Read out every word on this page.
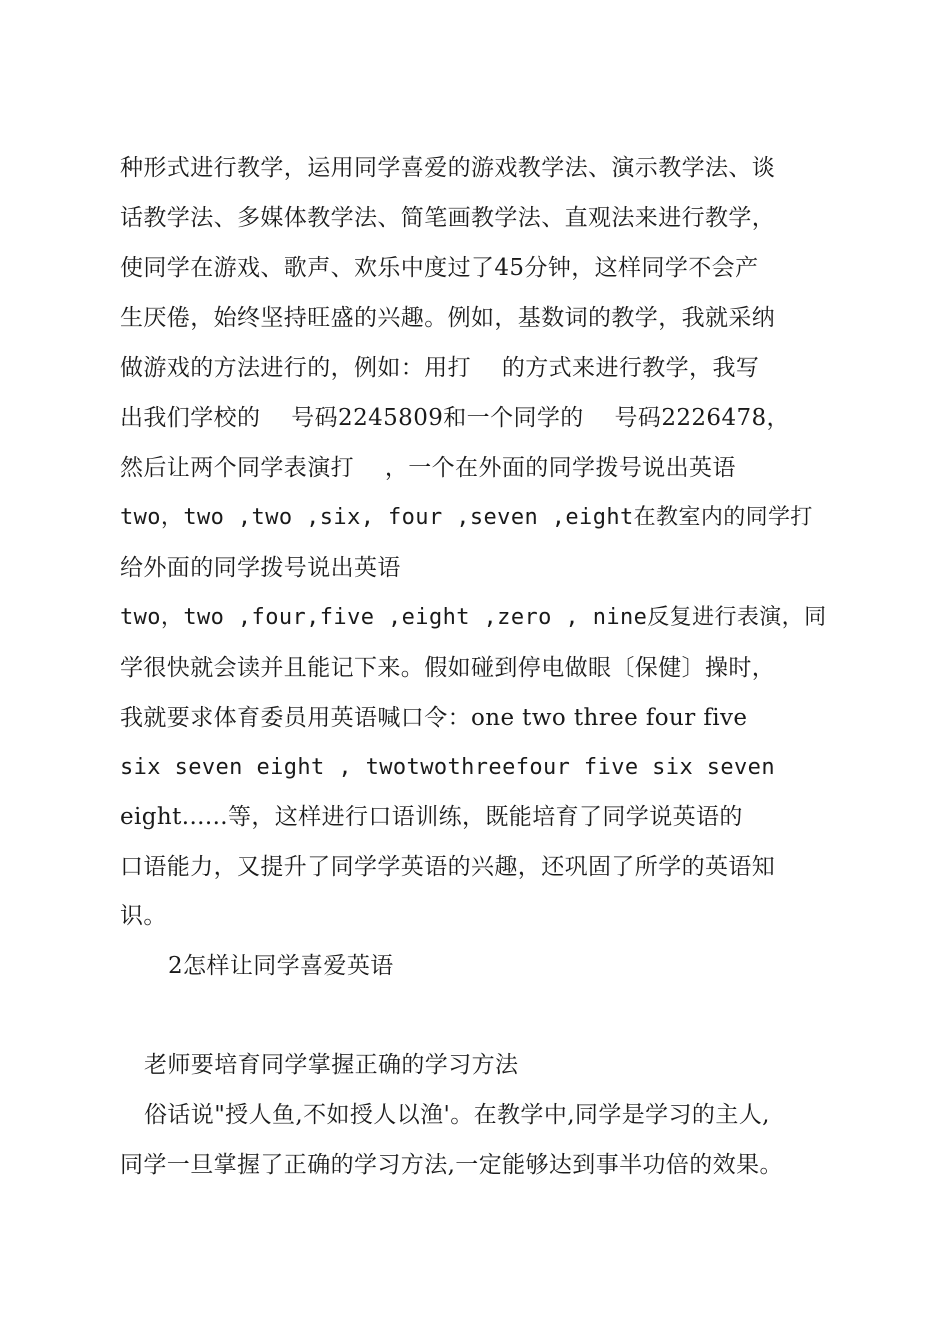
种形式进行教学，运用同学喜爱的游戏教学法、演示教学法、谈
话教学法、多媒体教学法、简笔画教学法、直观法来进行教学，
使同学在游戏、歌声、欢乐中度过了45分钟，这样同学不会产
生厌倦，始终坚持旺盛的兴趣。例如，基数词的教学，我就采纳
做游戏的方法进行的，例如：用打    的方式来进行教学，我写
出我们学校的    号码2245809和一个同学的    号码2226478，
然后让两个同学表演打    ，一个在外面的同学拨号说出英语
two，two ,two ,six, four ,seven ,eight在教室内的同学打
给外面的同学拨号说出英语
two，two ,four,five ,eight ,zero , nine反复进行表演，同
学很快就会读并且能记下来。假如碰到停电做眼〔保健〕操时，
我就要求体育委员用英语喊口令：one two three four five
six seven eight , twotwothreefour five six seven
eight......等，这样进行口语训练，既能培育了同学说英语的
口语能力，又提升了同学学英语的兴趣，还巩固了所学的英语知
识。
2怎样让同学喜爱英语
老师要培育同学掌握正确的学习方法
俗话说"授人鱼,不如授人以渔'。在教学中,同学是学习的主人,
同学一旦掌握了正确的学习方法,一定能够达到事半功倍的效果。
